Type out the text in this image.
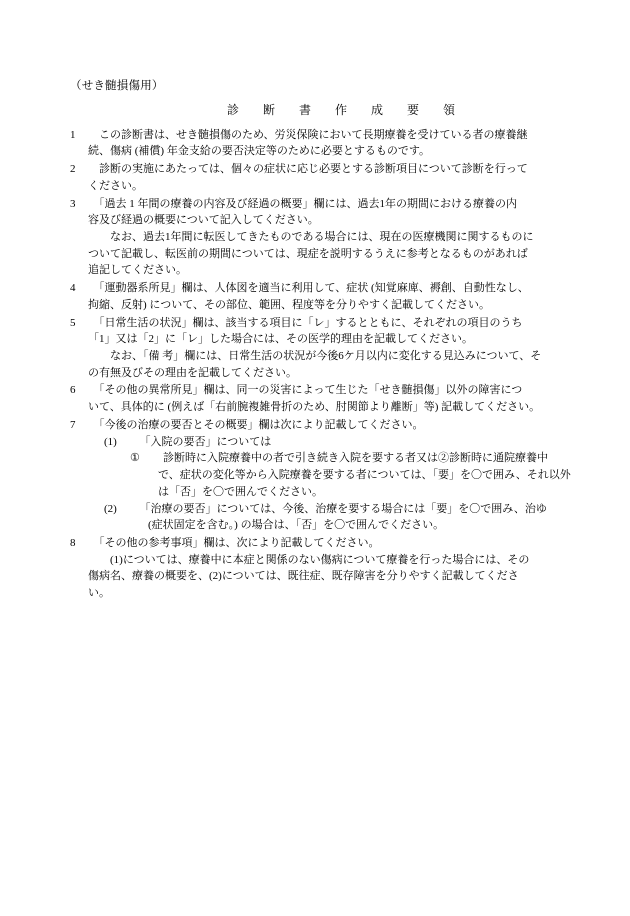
（せき髄損傷用）
診　断　書　作　成　要　領
1	　この診断書は、せき髄損傷のため、労災保険において長期療養を受けている者の療養継
続、傷病 (補償) 年金支給の要否決定等のために必要とするものです。
2	　診断の実施にあたっては、個々の症状に応じ必要とする診断項目について診断を行って
ください。
3	　「過去 1 年間の療養の内容及び経過の概要」欄には、過去1年の期間における療養の内
容及び経過の概要について記入してください。
　　なお、過去1年間に転医してきたものである場合には、現在の医療機関に関するものに
ついて記載し、転医前の期間については、現症を説明するうえに参考となるものがあれば
追記してください。
4	　「運動器系所見」欄は、人体図を適当に利用して、症状 (知覚麻庳、褥創、自動性なし、
拘縮、反射) について、その部位、範囲、程度等を分りやすく記載してください。
5	　「日常生活の状況」欄は、該当する項目に「レ」するとともに、それぞれの項目のうち
「1」又は「2」に「レ」した場合には、その医学的理由を記載してください。
　　なお、「備 考」欄には、日常生活の状況が今後6ケ月以内に変化する見込みについて、そ
の有無及びその理由を記載してください。
6	　「その他の異常所見」欄は、同一の災害によって生じた「せき髄損傷」以外の障害につ
いて、具体的に (例えば「右前腕複雑骨折のため、肘関節より離断」等) 記載してください。
7	　「今後の治療の要否とその概要」欄は次により記載してください。
(1)	　「入院の要否」については
①	　診断時に入院療養中の者で引き続き入院を要する者又は②診断時に通院療養中
で、症状の変化等から入院療養を要する者については、「要」を〇で囲み、それ以外
は「否」を〇で囲んでください。
(2)	　「治療の要否」については、今後、治療を要する場合には「要」を〇で囲み、治ゆ
(症状固定を含む。) の場合は、「否」を〇で囲んでください。
8	　「その他の参考事項」欄は、次により記載してください。
　　(1)については、療養中に本症と関係のない傷病について療養を行った場合には、その
傷病名、療養の概要を、(2)については、既往症、既存障害を分りやすく記載してくださ
い。
